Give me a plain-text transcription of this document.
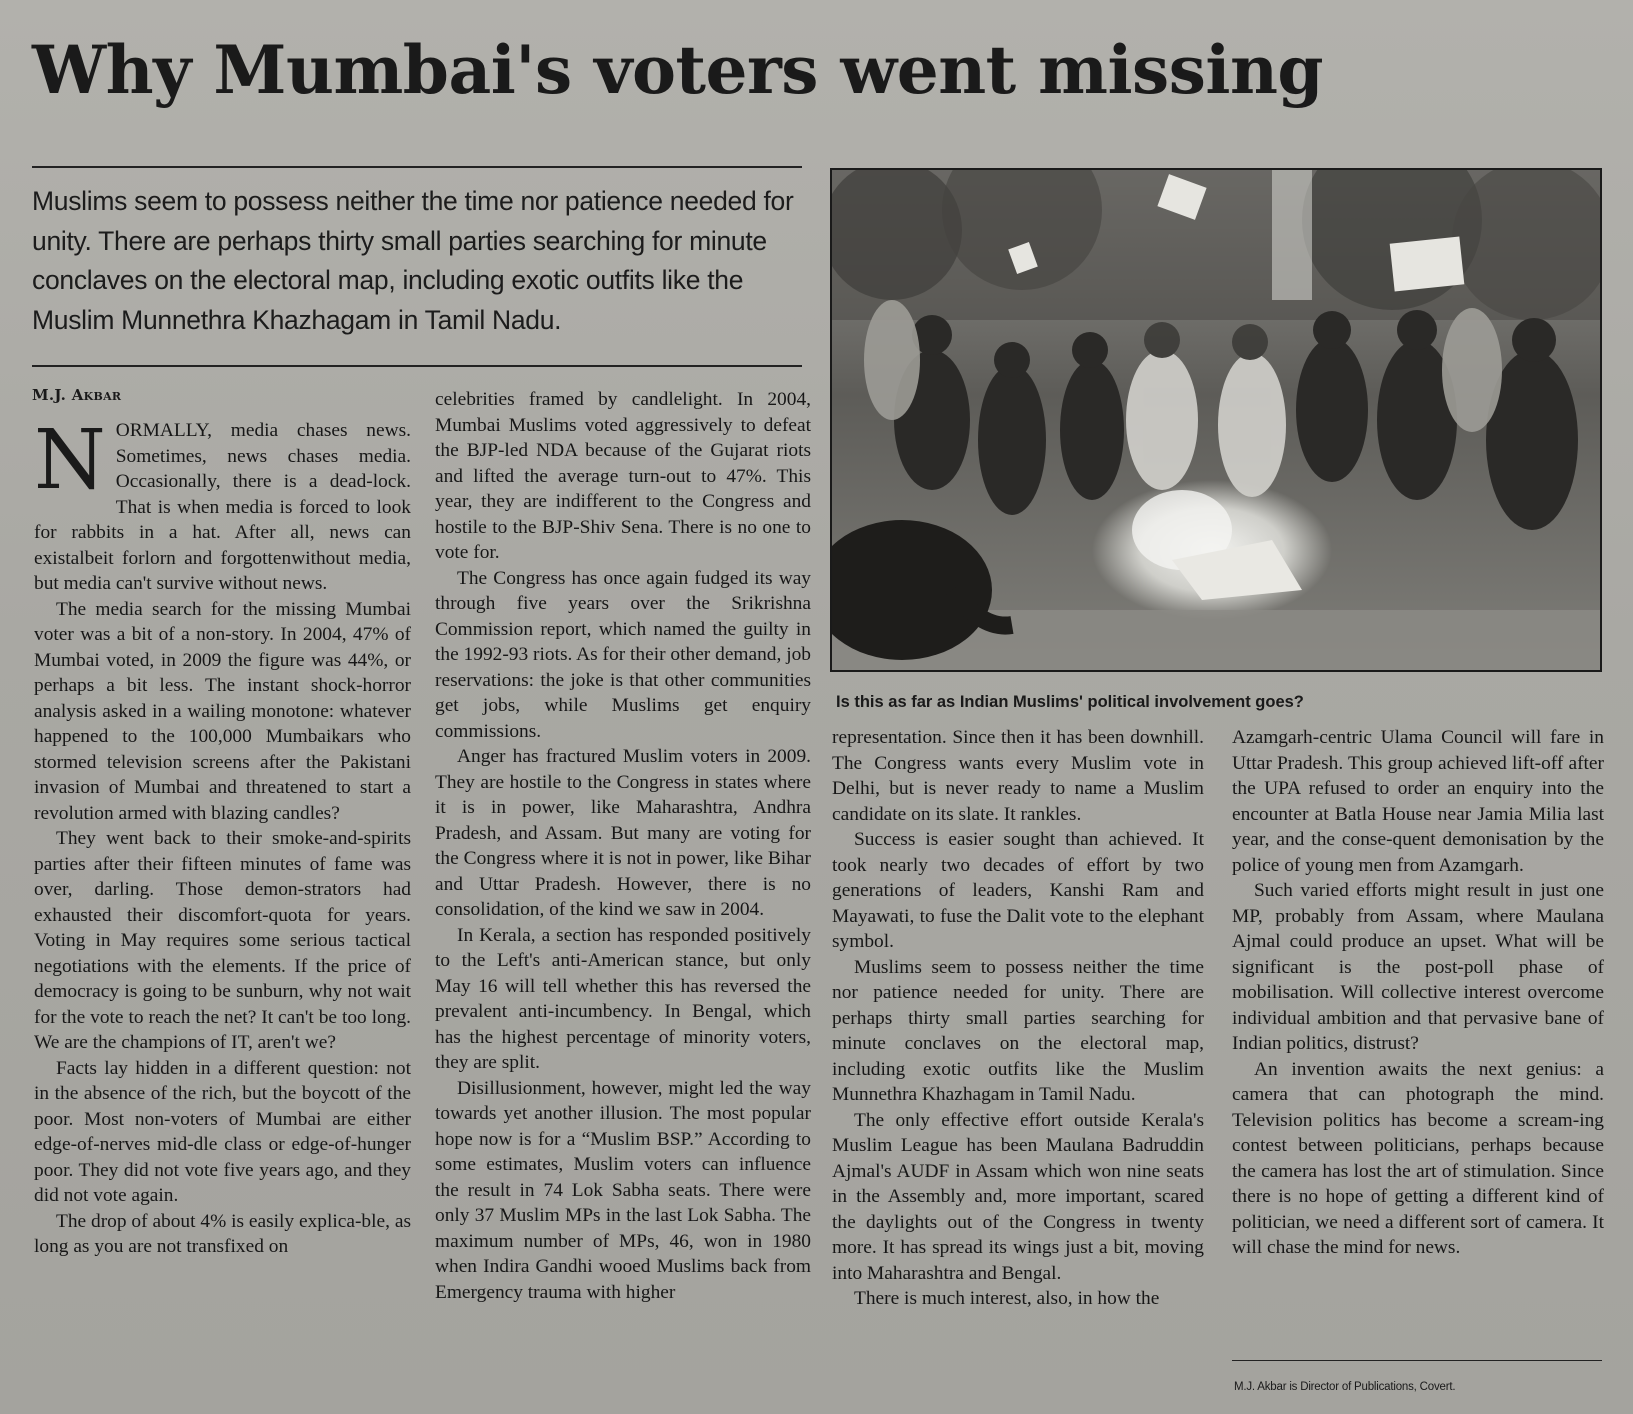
Why Mumbai's voters went missing

Muslims seem to possess neither the time nor patience needed for unity. There are perhaps thirty small parties searching for minute conclaves on the electoral map, including exotic outfits like the Muslim Munnethra Khazhagam in Tamil Nadu.

M.J. Akbar

NORMALLY, media chases news. Sometimes, news chases media. Occasionally, there is a dead-lock. That is when media is forced to look for rabbits in a hat. After all, news can existalbeit forlorn and forgottenwithout media, but media can't survive without news.

The media search for the missing Mumbai voter was a bit of a non-story. In 2004, 47% of Mumbai voted, in 2009 the figure was 44%, or perhaps a bit less. The instant shock-horror analysis asked in a wailing monotone: whatever happened to the 100,000 Mumbaikars who stormed television screens after the Pakistani invasion of Mumbai and threatened to start a revolution armed with blazing candles?

They went back to their smoke-and-spirits parties after their fifteen minutes of fame was over, darling. Those demon-strators had exhausted their discomfort-quota for years. Voting in May requires some serious tactical negotiations with the elements. If the price of democracy is going to be sunburn, why not wait for the vote to reach the net? It can't be too long. We are the champions of IT, aren't we?

Facts lay hidden in a different question: not in the absence of the rich, but the boycott of the poor. Most non-voters of Mumbai are either edge-of-nerves mid-dle class or edge-of-hunger poor. They did not vote five years ago, and they did not vote again.

The drop of about 4% is easily explica-ble, as long as you are not transfixed on

celebrities framed by candlelight. In 2004, Mumbai Muslims voted aggressively to defeat the BJP-led NDA because of the Gujarat riots and lifted the average turn-out to 47%. This year, they are indifferent to the Congress and hostile to the BJP-Shiv Sena. There is no one to vote for.

The Congress has once again fudged its way through five years over the Srikrishna Commission report, which named the guilty in the 1992-93 riots. As for their other demand, job reservations: the joke is that other communities get jobs, while Muslims get enquiry commissions.

Anger has fractured Muslim voters in 2009. They are hostile to the Congress in states where it is in power, like Maharashtra, Andhra Pradesh, and Assam. But many are voting for the Congress where it is not in power, like Bihar and Uttar Pradesh. However, there is no consolidation, of the kind we saw in 2004.

In Kerala, a section has responded positively to the Left's anti-American stance, but only May 16 will tell whether this has reversed the prevalent anti-incumbency. In Bengal, which has the highest percentage of minority voters, they are split.

Disillusionment, however, might led the way towards yet another illusion. The most popular hope now is for a “Muslim BSP.” According to some estimates, Muslim voters can influence the result in 74 Lok Sabha seats. There were only 37 Muslim MPs in the last Lok Sabha. The maximum number of MPs, 46, won in 1980 when Indira Gandhi wooed Muslims back from Emergency trauma with higher

Is this as far as Indian Muslims' political involvement goes?

representation. Since then it has been downhill. The Congress wants every Muslim vote in Delhi, but is never ready to name a Muslim candidate on its slate. It rankles.

Success is easier sought than achieved. It took nearly two decades of effort by two generations of leaders, Kanshi Ram and Mayawati, to fuse the Dalit vote to the elephant symbol.

Muslims seem to possess neither the time nor patience needed for unity. There are perhaps thirty small parties searching for minute conclaves on the electoral map, including exotic outfits like the Muslim Munnethra Khazhagam in Tamil Nadu.

The only effective effort outside Kerala's Muslim League has been Maulana Badruddin Ajmal's AUDF in Assam which won nine seats in the Assembly and, more important, scared the daylights out of the Congress in twenty more. It has spread its wings just a bit, moving into Maharashtra and Bengal.

There is much interest, also, in how the

Azamgarh-centric Ulama Council will fare in Uttar Pradesh. This group achieved lift-off after the UPA refused to order an enquiry into the encounter at Batla House near Jamia Milia last year, and the conse-quent demonisation by the police of young men from Azamgarh.

Such varied efforts might result in just one MP, probably from Assam, where Maulana Ajmal could produce an upset. What will be significant is the post-poll phase of mobilisation. Will collective interest overcome individual ambition and that pervasive bane of Indian politics, distrust?

An invention awaits the next genius: a camera that can photograph the mind. Television politics has become a scream-ing contest between politicians, perhaps because the camera has lost the art of stimulation. Since there is no hope of getting a different kind of politician, we need a different sort of camera. It will chase the mind for news.

M.J. Akbar is Director of Publications, Covert.
